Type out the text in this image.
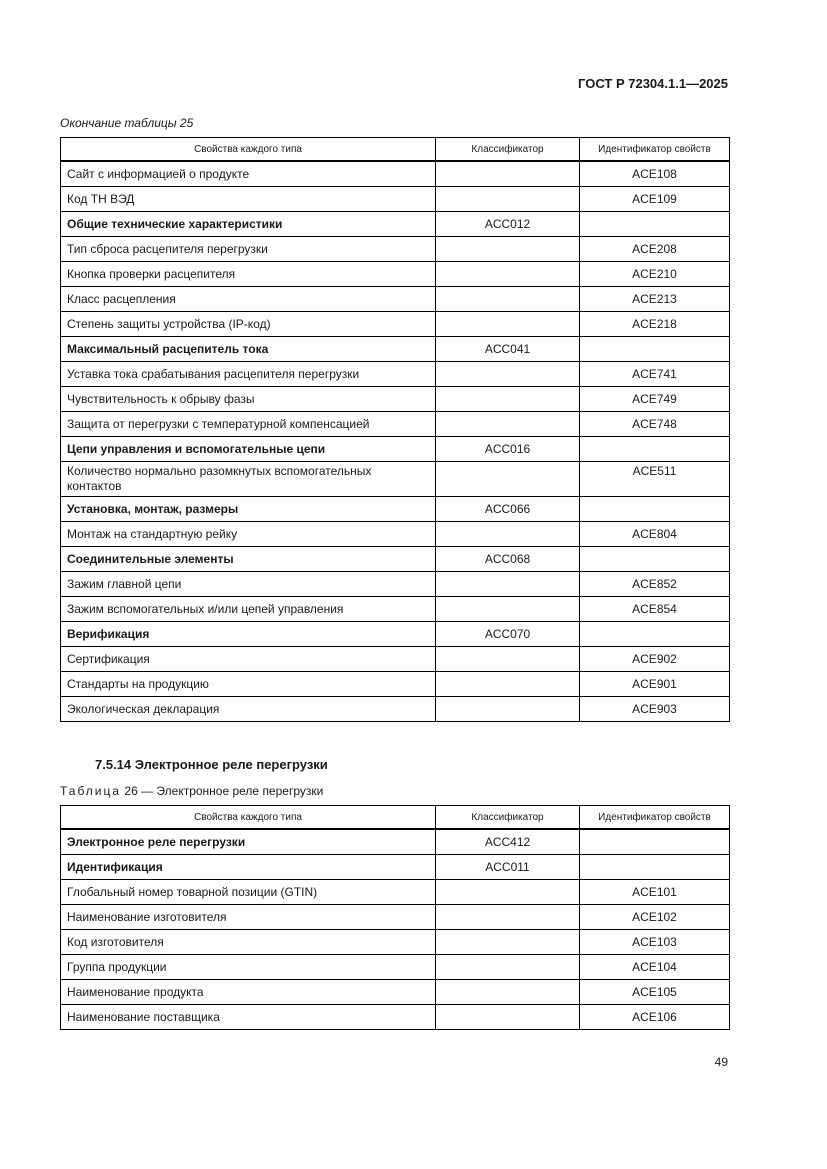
ГОСТ Р 72304.1.1—2025
Окончание таблицы 25
Свойства каждого типа	Классификатор	Идентификатор свойств
Сайт с информацией о продукте		ACE108
Код ТН ВЭД		ACE109
Общие технические характеристики	ACC012	
Тип сброса расцепителя перегрузки		ACE208
Кнопка проверки расцепителя		ACE210
Класс расцепления		ACE213
Степень защиты устройства (IP-код)		ACE218
Максимальный расцепитель тока	ACC041	
Уставка тока срабатывания расцепителя перегрузки		ACE741
Чувствительность к обрыву фазы		ACE749
Защита от перегрузки с температурной компенсацией		ACE748
Цепи управления и вспомогательные цепи	ACC016	
Количество нормально разомкнутых вспомогательных контактов		ACE511
Установка, монтаж, размеры	ACC066	
Монтаж на стандартную рейку		ACE804
Соединительные элементы	ACC068	
Зажим главной цепи		ACE852
Зажим вспомогательных и/или цепей управления		ACE854
Верификация	ACC070	
Сертификация		ACE902
Стандарты на продукцию		ACE901
Экологическая декларация		ACE903
7.5.14 Электронное реле перегрузки
Таблица 26 — Электронное реле перегрузки
Свойства каждого типа	Классификатор	Идентификатор свойств
Электронное реле перегрузки	ACC412	
Идентификация	ACC011	
Глобальный номер товарной позиции (GTIN)		ACE101
Наименование изготовителя		ACE102
Код изготовителя		ACE103
Группа продукции		ACE104
Наименование продукта		ACE105
Наименование поставщика		ACE106
49
